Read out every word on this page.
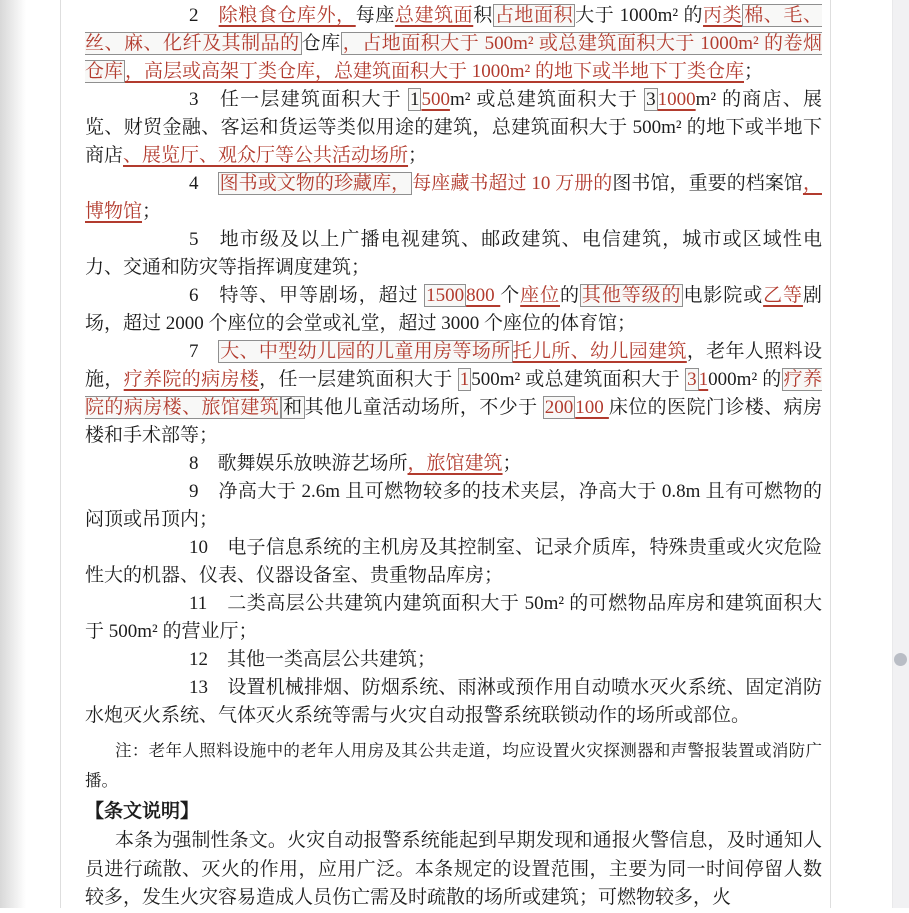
2　除粮食仓库外，每座总建筑面积 占地面积 大于 1000m² 的丙类 棉、毛、丝、麻、化纤及其制品的 仓库 ，占地面积大于 500m² 或总建筑面积大于 1000m² 的卷烟仓库 ，高层或高架丁类仓库，总建筑面积大于 1000m² 的地下或半地下丁类仓库；

3　任一层建筑面积大于 1 500m² 或总建筑面积大于 3 1000m² 的商店、展览、财贸金融、客运和货运等类似用途的建筑，总建筑面积大于 500m² 的地下或半地下商店、展览厅、观众厅等公共活动场所；

4　图书或文物的珍藏库， 每座藏书超过 10 万册的图书馆，重要的档案馆，博物馆；

5　地市级及以上广播电视建筑、邮政建筑、电信建筑，城市或区域性电力、交通和防灾等指挥调度建筑；

6　特等、甲等剧场，超过 1500 800 个座位的 其他等级的 电影院或乙等剧场，超过 2000 个座位的会堂或礼堂，超过 3000 个座位的体育馆；

7　大、中型幼儿园的儿童用房等场所 托儿所、幼儿园建筑，老年人照料设施，疗养院的病房楼，任一层建筑面积大于 1 500m² 或总建筑面积大于 3 1000m² 的 疗养院的病房楼、旅馆建筑 和 其他儿童活动场所，不少于 200 100 床位的医院门诊楼、病房楼和手术部等；

8　歌舞娱乐放映游艺场所，旅馆建筑；

9　净高大于 2.6m 且可燃物较多的技术夹层，净高大于 0.8m 且有可燃物的闷顶或吊顶内；

10　电子信息系统的主机房及其控制室、记录介质库，特殊贵重或火灾危险性大的机器、仪表、仪器设备室、贵重物品库房；

11　二类高层公共建筑内建筑面积大于 50m² 的可燃物品库房和建筑面积大于 500m² 的营业厅；

12　其他一类高层公共建筑；

13　设置机械排烟、防烟系统、雨淋或预作用自动喷水灭火系统、固定消防水炮灭火系统、气体灭火系统等需与火灾自动报警系统联锁动作的场所或部位。

注：老年人照料设施中的老年人用房及其公共走道，均应设置火灾探测器和声警报装置或消防广播。

【条文说明】

本条为强制性条文。火灾自动报警系统能起到早期发现和通报火警信息，及时通知人员进行疏散、灭火的作用，应用广泛。本条规定的设置范围，主要为同一时间停留人数较多，发生火灾容易造成人员伤亡需及时疏散的场所或建筑；可燃物较多，火
